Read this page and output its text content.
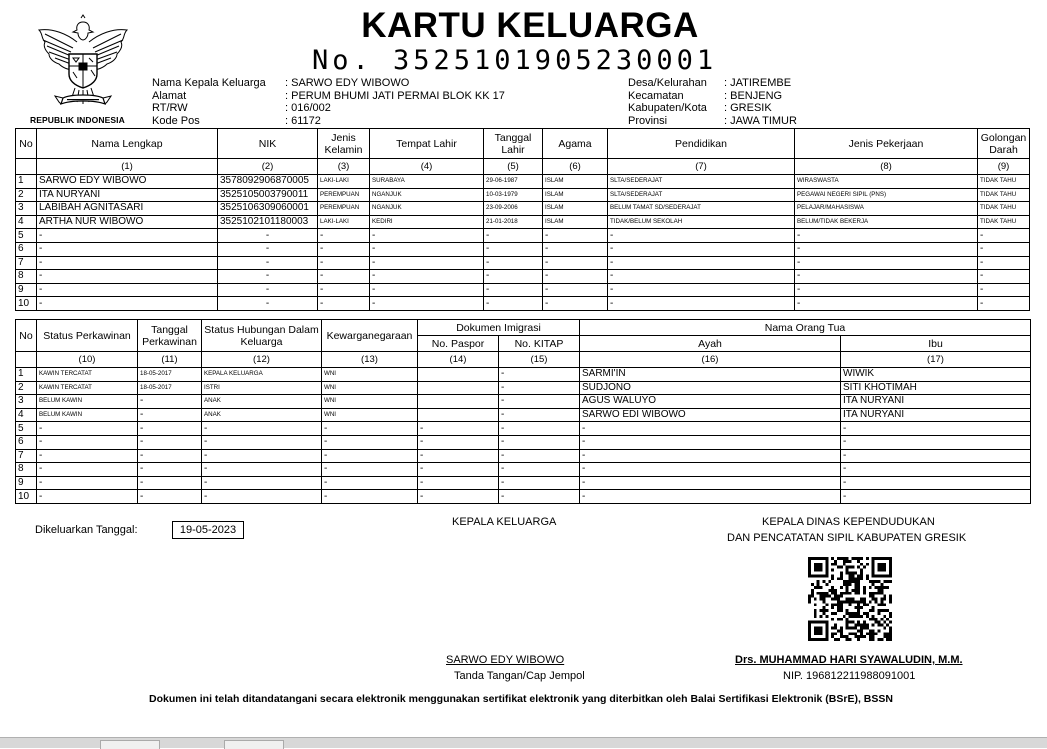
REPUBLIK INDONESIA
KARTU KELUARGA
No. 3525101905230001
Nama Kepala Keluarga	: SARWO EDY WIBOWO
Alamat	: PERUM BHUMI JATI PERMAI BLOK KK 17
RT/RW	: 016/002
Kode Pos	: 61172
Desa/Kelurahan	: JATIREMBE
Kecamatan	: BENJENG
Kabupaten/Kota	: GRESIK
Provinsi	: JAWA TIMUR
No	Nama Lengkap	NIK	Jenis Kelamin	Tempat Lahir	Tanggal Lahir	Agama	Pendidikan	Jenis Pekerjaan	Golongan Darah
	(1)	(2)	(3)	(4)	(5)	(6)	(7)	(8)	(9)
1	SARWO EDY WIBOWO	3578092906870005	LAKI-LAKI	SURABAYA	29-06-1987	ISLAM	SLTA/SEDERAJAT	WIRASWASTA	TIDAK TAHU
2	ITA NURYANI	3525105003790011	PEREMPUAN	NGANJUK	10-03-1979	ISLAM	SLTA/SEDERAJAT	PEGAWAI NEGERI SIPIL (PNS)	TIDAK TAHU
3	LABIBAH AGNITASARI	3525106309060001	PEREMPUAN	NGANJUK	23-09-2006	ISLAM	BELUM TAMAT SD/SEDERAJAT	PELAJAR/MAHASISWA	TIDAK TAHU
4	ARTHA NUR WIBOWO	3525102101180003	LAKI-LAKI	KEDIRI	21-01-2018	ISLAM	TIDAK/BELUM SEKOLAH	BELUM/TIDAK BEKERJA	TIDAK TAHU
5	-	-	-	-	-	-	-	-	-
6	-	-	-	-	-	-	-	-	-
7	-	-	-	-	-	-	-	-	-
8	-	-	-	-	-	-	-	-	-
9	-	-	-	-	-	-	-	-	-
10	-	-	-	-	-	-	-	-	-
No	Status Perkawinan	Tanggal Perkawinan	Status Hubungan Dalam Keluarga	Kewarganegaraan	Dokumen Imigrasi		Nama Orang Tua	
					No. Paspor	No. KITAP	Ayah	Ibu
	(10)	(11)	(12)	(13)	(14)	(15)	(16)	(17)
1	KAWIN TERCATAT	18-05-2017	KEPALA KELUARGA	WNI		-	SARMI'IN	WIWIK
2	KAWIN TERCATAT	18-05-2017	ISTRI	WNI		-	SUDJONO	SITI KHOTIMAH
3	BELUM KAWIN	-	ANAK	WNI		-	AGUS WALUYO	ITA NURYANI
4	BELUM KAWIN	-	ANAK	WNI		-	SARWO EDI WIBOWO	ITA NURYANI
5	-	-	-	-	-	-	-	-
6	-	-	-	-	-	-	-	-
7	-	-	-	-	-	-	-	-
8	-	-	-	-	-	-	-	-
9	-	-	-	-	-	-	-	-
10	-	-	-	-	-	-	-	-
Dikeluarkan Tanggal:	19-05-2023
KEPALA KELUARGA
SARWO EDY WIBOWO
Tanda Tangan/Cap Jempol
KEPALA DINAS KEPENDUDUKAN
DAN PENCATATAN SIPIL KABUPATEN GRESIK
Drs. MUHAMMAD HARI SYAWALUDIN, M.M.
NIP. 196812211988091001
Dokumen ini telah ditandatangani secara elektronik menggunakan sertifikat elektronik yang diterbitkan oleh Balai Sertifikasi Elektronik (BSrE), BSSN
